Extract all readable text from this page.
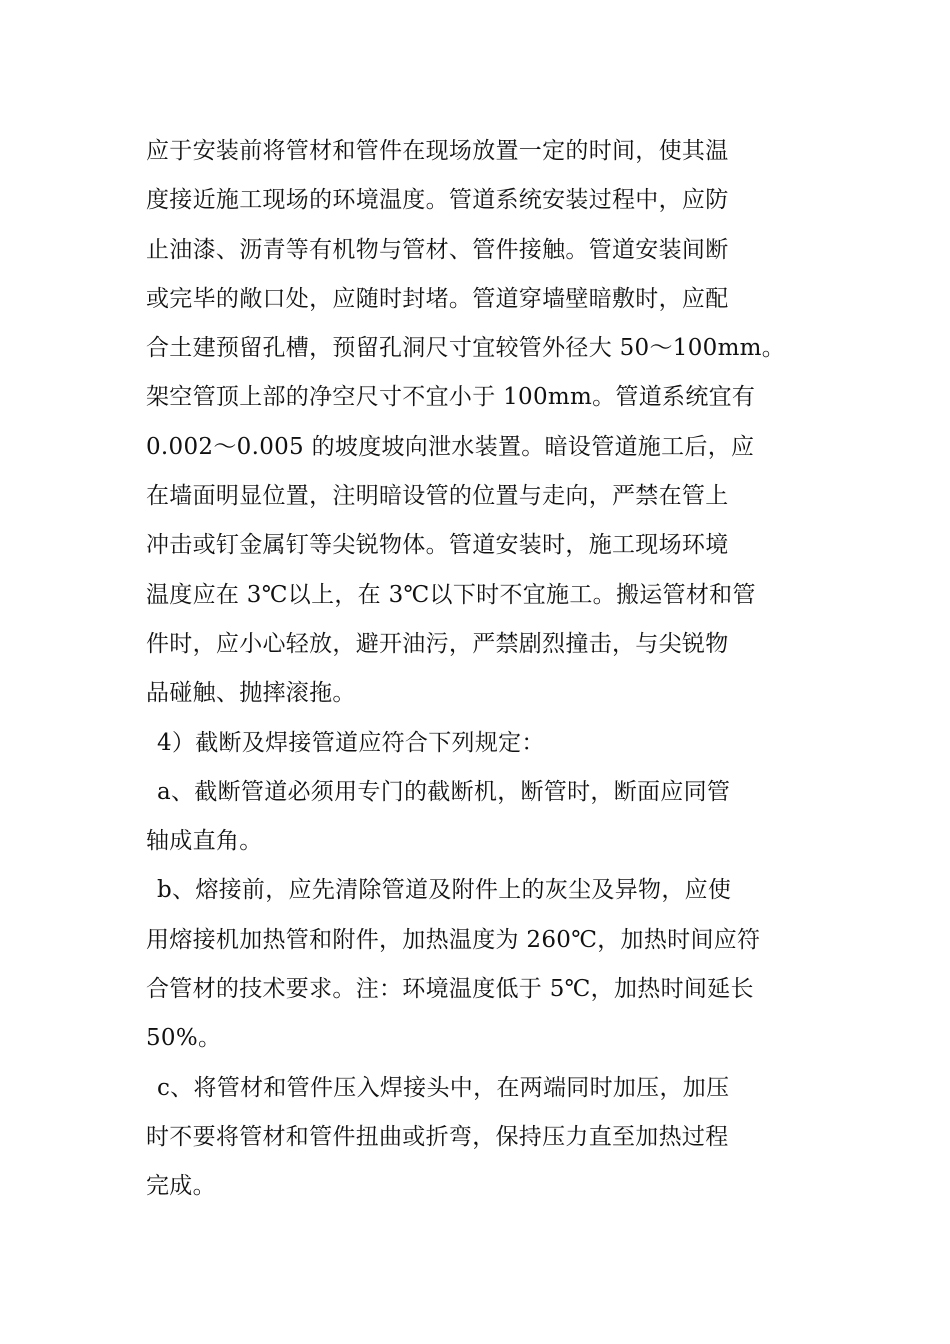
应于安装前将管材和管件在现场放置一定的时间，使其温
度接近施工现场的环境温度。管道系统安装过程中，应防
止油漆、沥青等有机物与管材、管件接触。管道安装间断
或完毕的敞口处，应随时封堵。管道穿墙壁暗敷时，应配
合土建预留孔槽，预留孔洞尺寸宜较管外径大 50～100mm。
架空管顶上部的净空尺寸不宜小于 100mm。管道系统宜有
0.002～0.005 的坡度坡向泄水装置。暗设管道施工后，应
在墙面明显位置，注明暗设管的位置与走向，严禁在管上
冲击或钉金属钉等尖锐物体。管道安装时，施工现场环境
温度应在 3℃以上，在 3℃以下时不宜施工。搬运管材和管
件时，应小心轻放，避开油污，严禁剧烈撞击，与尖锐物
品碰触、抛摔滚拖。
4）截断及焊接管道应符合下列规定：
a、截断管道必须用专门的截断机，断管时，断面应同管
轴成直角。
b、熔接前，应先清除管道及附件上的灰尘及异物，应使
用熔接机加热管和附件，加热温度为 260℃，加热时间应符
合管材的技术要求。注：环境温度低于 5℃，加热时间延长
50%。
c、将管材和管件压入焊接头中，在两端同时加压，加压
时不要将管材和管件扭曲或折弯，保持压力直至加热过程
完成。
